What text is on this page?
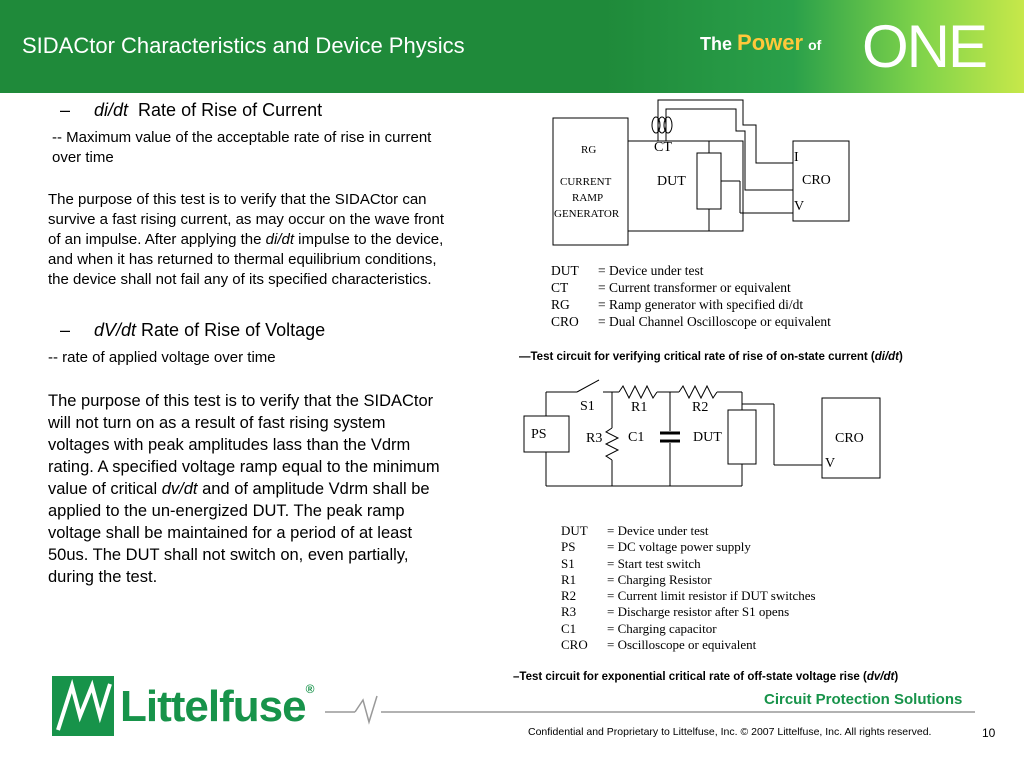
SIDACtor Characteristics and Device Physics	The Power of ONE

– di/dt Rate of Rise of Current

-- Maximum value of the acceptable rate of rise in current over time

The purpose of this test is to verify that the SIDACtor can survive a fast rising current, as may occur on the wave front of an impulse. After applying the di/dt impulse to the device, and when it has returned to thermal equilibrium conditions, the device shall not fail any of its specified characteristics.

– dV/dt Rate of Rise of Voltage

-- rate of applied voltage over time

The purpose of this test is to verify that the SIDACtor will not turn on as a result of fast rising system voltages with peak amplitudes lass than the Vdrm rating. A specified voltage ramp equal to the minimum value of critical dv/dt and of amplitude Vdrm shall be applied to the un-energized DUT. The peak ramp voltage shall be maintained for a period of at least 50us. The DUT shall not switch on, even partially, during the test.

RG
CURRENT
RAMP
GENERATOR
CT
DUT
I
CRO
V
DUT	= Device under test
CT	= Current transformer or equivalent
RG	= Ramp generator with specified di/dt
CRO	= Dual Channel Oscilloscope or equivalent
—Test circuit for verifying critical rate of rise of on-state current (di/dt)
S1	R1	R2
PS	R3 C1	DUT	CRO
V
DUT	= Device under test
PS	= DC voltage power supply
S1	= Start test switch
R1	= Charging Resistor
R2	= Current limit resistor if DUT switches
R3	= Discharge resistor after S1 opens
C1	= Charging capacitor
CRO	= Oscilloscope or equivalent
–Test circuit for exponential critical rate of off-state voltage rise (dv/dt)
Littelfuse®
Circuit Protection Solutions
Confidential and Proprietary to Littelfuse, Inc. © 2007 Littelfuse, Inc. All rights reserved.	10
